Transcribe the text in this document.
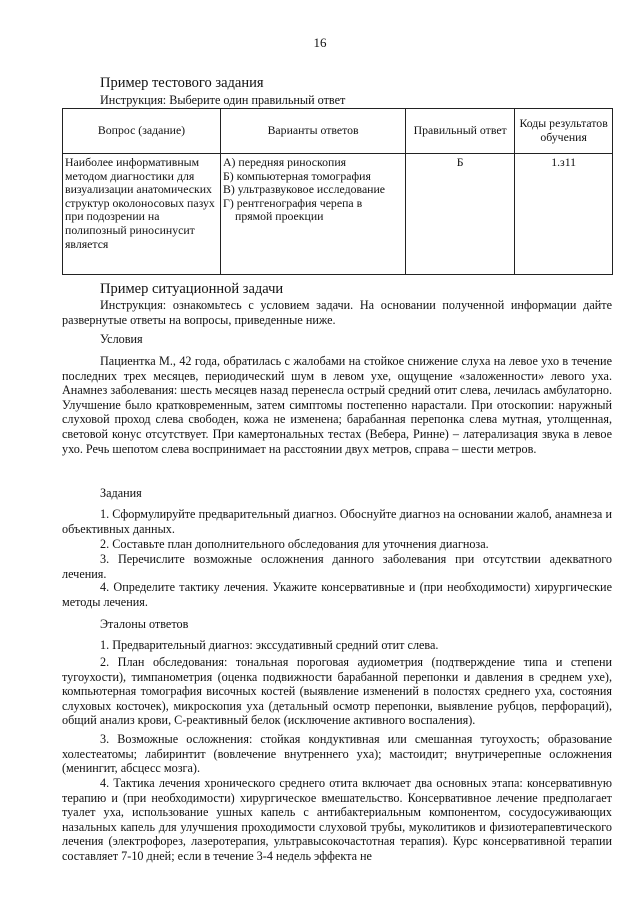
16
Пример тестового задания
Инструкция: Выберите один правильный ответ
Вопрос (задание)	Варианты ответов	Правильный ответ	Коды результатов обучения
Наиболее информативным методом диагностики для визуализации анатомических структур околоносовых пазух при подозрении на полипозный риносинусит является	А) передняя риноскопия
Б) компьютерная томография
В) ультразвуковое исследование
Г) рентгенография черепа в
прямой проекции	Б	1.з11
Пример ситуационной задачи
Инструкция: ознакомьтесь с условием задачи. На основании полученной информации дайте развернутые ответы на вопросы, приведенные ниже.
Условия
Пациентка М., 42 года, обратилась с жалобами на стойкое снижение слуха на левое ухо в течение последних трех месяцев, периодический шум в левом ухе, ощущение «заложенности» левого уха. Анамнез заболевания: шесть месяцев назад перенесла острый средний отит слева, лечилась амбулаторно. Улучшение было кратковременным, затем симптомы постепенно нарастали. При отоскопии: наружный слуховой проход слева свободен, кожа не изменена; барабанная перепонка слева мутная, утолщенная, световой конус отсутствует. При камертональных тестах (Вебера, Ринне) – латерализация звука в левое ухо. Речь шепотом слева воспринимает на расстоянии двух метров, справа – шести метров.
Задания
1. Сформулируйте предварительный диагноз. Обоснуйте диагноз на основании жалоб, анамнеза и объективных данных.
2. Составьте план дополнительного обследования для уточнения диагноза.
3. Перечислите возможные осложнения данного заболевания при отсутствии адекватного лечения.
4. Определите тактику лечения. Укажите консервативные и (при необходимости) хирургические методы лечения.
Эталоны ответов
1. Предварительный диагноз: экссудативный средний отит слева.
2. План обследования: тональная пороговая аудиометрия (подтверждение типа и степени тугоухости), тимпанометрия (оценка подвижности барабанной перепонки и давления в среднем ухе), компьютерная томография височных костей (выявление изменений в полостях среднего уха, состояния слуховых косточек), микроскопия уха (детальный осмотр перепонки, выявление рубцов, перфораций), общий анализ крови, С-реактивный белок (исключение активного воспаления).
3. Возможные осложнения: стойкая кондуктивная или смешанная тугоухость; образование холестеатомы; лабиринтит (вовлечение внутреннего уха); мастоидит; внутричерепные осложнения (менингит, абсцесс мозга).
4. Тактика лечения хронического среднего отита включает два основных этапа: консервативную терапию и (при необходимости) хирургическое вмешательство. Консервативное лечение предполагает туалет уха, использование ушных капель с антибактериальным компонентом, сосудосуживающих назальных капель для улучшения проходимости слуховой трубы, муколитиков и физиотерапевтического лечения (электрофорез, лазеротерапия, ультравысокочастотная терапия). Курс консервативной терапии составляет 7-10 дней; если в течение 3-4 недель эффекта не
